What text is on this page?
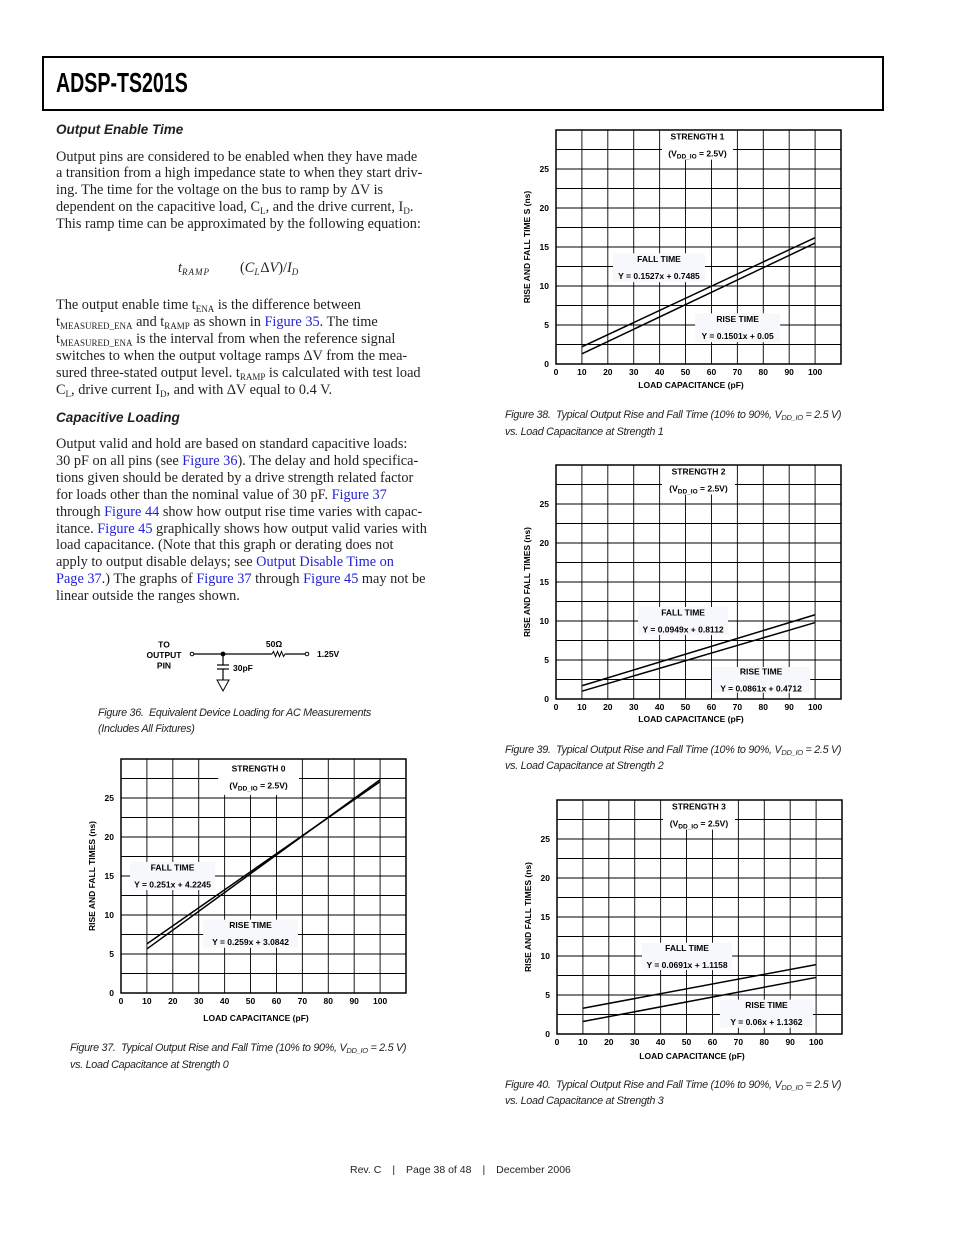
ADSP-TS201S
Output Enable Time
Output pins are considered to be enabled when they have made
a transition from a high impedance state to when they start driv-
ing. The time for the voltage on the bus to ramp by ΔV is
dependent on the capacitive load, $C_L$, and the drive current, $I_D$.
This ramp time can be approximated by the following equation:
$t_{RAMP}$ $(C_L\Delta V)/I_D$
The output enable time $t_{ENA}$ is the difference between
$t_{MEASURED\_ENA}$ and $t_{RAMP}$ as shown in Figure 35. The time
$t_{MEASURED\_ENA}$ is the interval from when the reference signal
switches to when the output voltage ramps ΔV from the mea-
sured three-stated output level. $t_{RAMP}$ is calculated with test load
$C_L$, drive current $I_D$, and with ΔV equal to 0.4 V.
Capacitive Loading
Output valid and hold are based on standard capacitive loads:
30 pF on all pins (see Figure 36). The delay and hold specifica-
tions given should be derated by a drive strength related factor
for loads other than the nominal value of 30 pF. Figure 37
through Figure 44 show how output rise time varies with capac-
itance. Figure 45 graphically shows how output valid varies with
load capacitance. (Note that this graph or derating does not
apply to output disable delays; see Output Disable Time on
Page 37.) The graphs of Figure 37 through Figure 45 may not be
linear outside the ranges shown.
TO
OUTPUT
PIN
1.25V
50Ω
30pF
Figure 36.  Equivalent Device Loading for AC Measurements
(Includes All Fixtures)
STRENGTH 0
$(V_{DD\_IO} = 2.5V)$
FALL TIME
Y = 0.251x + 4.2245
RISE TIME
Y = 0.259x + 3.0842
0
5
10
15
20
25
0 10 20 30 40 50 60 70 80 90 100
LOAD CAPACITANCE (pF)
RISE AND FALL TIMES (ns)
Figure 37.  Typical Output Rise and Fall Time (10% to 90%, $V_{DD\_IO} = 2.5$ V)
vs. Load Capacitance at Strength 0
STRENGTH 1
$(V_{DD\_IO} = 2.5V)$
FALL TIME
Y = 0.1527x + 0.7485
RISE TIME
Y = 0.1501x + 0.05
0
5
10
15
20
25
0 10 20 30 40 50 60 70 80 90 100
LOAD CAPACITANCE (pF)
RISE AND FALL TIME S (ns)
Figure 38.  Typical Output Rise and Fall Time (10% to 90%, $V_{DD\_IO} = 2.5$ V)
vs. Load Capacitance at Strength 1
STRENGTH 2
$(V_{DD\_IO} = 2.5V)$
FALL TIME
Y = 0.0949x + 0.8112
RISE TIME
Y = 0.0861x + 0.4712
0
5
10
15
20
25
0 10 20 30 40 50 60 70 80 90 100
LOAD CAPACITANCE (pF)
RISE AND FALL TIMES (ns)
Figure 39.  Typical Output Rise and Fall Time (10% to 90%, $V_{DD\_IO} = 2.5$ V)
vs. Load Capacitance at Strength 2
STRENGTH 3
$(V_{DD\_IO} = 2.5V)$
FALL TIME
Y = 0.0691x + 1.1158
RISE TIME
Y = 0.06x + 1.1362
0
5
10
15
20
25
0 10 20 30 40 50 60 70 80 90 100
LOAD CAPACITANCE (pF)
RISE AND FALL TIMES (ns)
Figure 40.  Typical Output Rise and Fall Time (10% to 90%, $V_{DD\_IO} = 2.5$ V)
vs. Load Capacitance at Strength 3
Rev. C | Page 38 of 48 | December 2006
